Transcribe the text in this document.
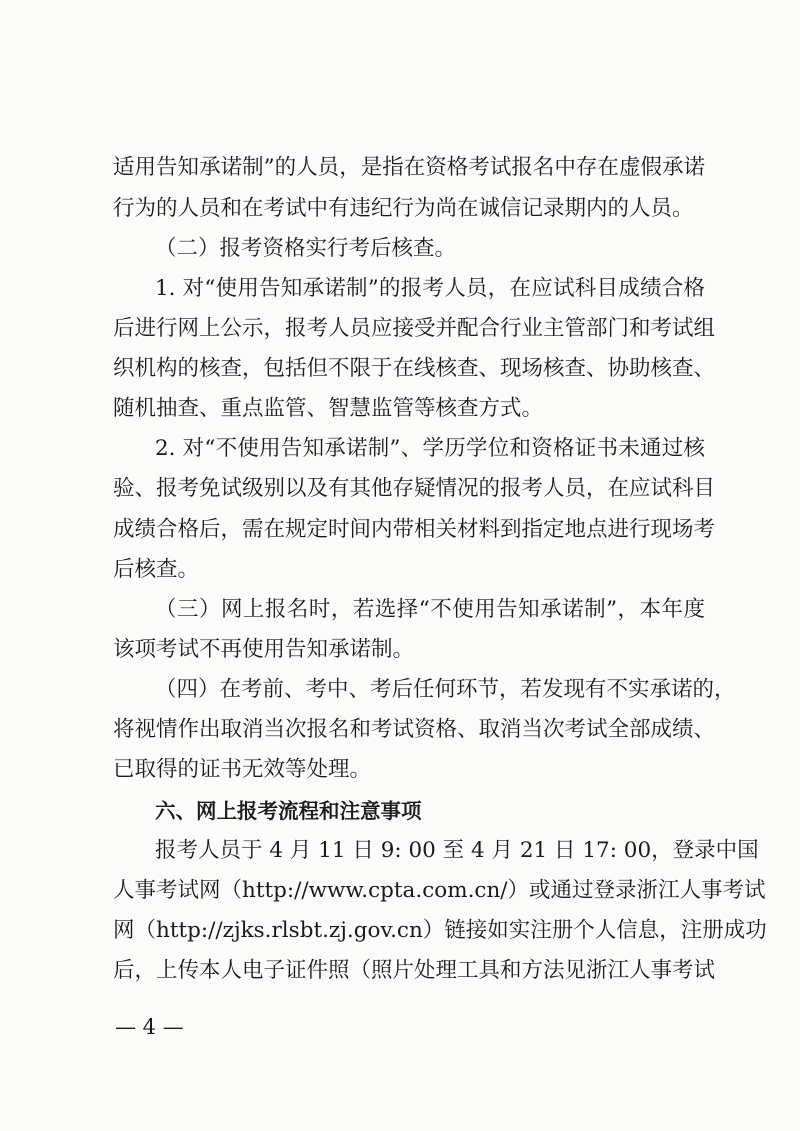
适用告知承诺制”的人员，是指在资格考试报名中存在虚假承诺
行为的人员和在考试中有违纪行为尚在诚信记录期内的人员。
（二）报考资格实行考后核查。
1. 对“使用告知承诺制”的报考人员，在应试科目成绩合格
后进行网上公示，报考人员应接受并配合行业主管部门和考试组
织机构的核查，包括但不限于在线核查、现场核查、协助核查、
随机抽查、重点监管、智慧监管等核查方式。
2. 对“不使用告知承诺制”、学历学位和资格证书未通过核
验、报考免试级别以及有其他存疑情况的报考人员，在应试科目
成绩合格后，需在规定时间内带相关材料到指定地点进行现场考
后核查。
（三）网上报名时，若选择“不使用告知承诺制”，本年度
该项考试不再使用告知承诺制。
（四）在考前、考中、考后任何环节，若发现有不实承诺的，
将视情作出取消当次报名和考试资格、取消当次考试全部成绩、
已取得的证书无效等处理。
六、网上报考流程和注意事项
报考人员于 4 月 11 日 9: 00 至 4 月 21 日 17: 00，登录中国
人事考试网（http://www.cpta.com.cn/）或通过登录浙江人事考试
网（http://zjks.rlsbt.zj.gov.cn）链接如实注册个人信息，注册成功
后，上传本人电子证件照（照片处理工具和方法见浙江人事考试
— 4 —
